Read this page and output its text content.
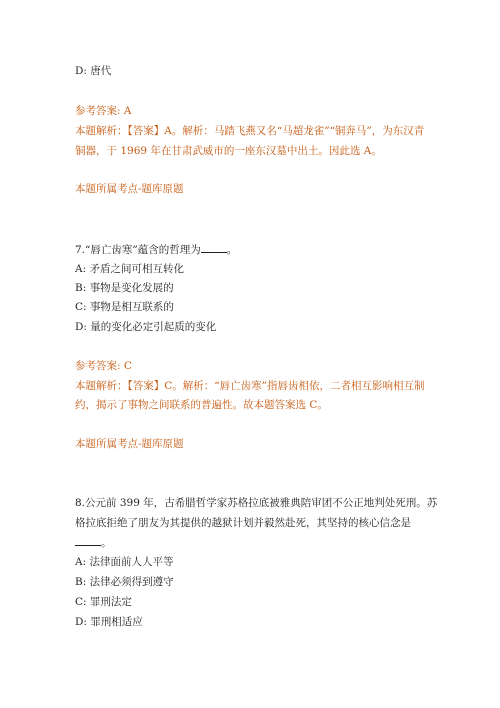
D: 唐代
参考答案: A
本题解析：【答案】A。解析：马踏飞燕又名“马超龙雀”“铜奔马”，为东汉青
铜器，于 1969 年在甘肃武威市的一座东汉墓中出土。因此选 A。
本题所属考点-题库原题
7.“唇亡齿寒”蕴含的哲理为 。
A: 矛盾之间可相互转化
B: 事物是变化发展的
C: 事物是相互联系的
D: 量的变化必定引起质的变化
参考答案: C
本题解析：【答案】C。解析：“唇亡齿寒”指唇齿相依，二者相互影响相互制
约，揭示了事物之间联系的普遍性。故本题答案选 C。
本题所属考点-题库原题
8.公元前 399 年，古希腊哲学家苏格拉底被雅典陪审团不公正地判处死刑。苏
格拉底拒绝了朋友为其提供的越狱计划并毅然赴死，其坚持的核心信念是
。
A: 法律面前人人平等
B: 法律必须得到遵守
C: 罪刑法定
D: 罪刑相适应
